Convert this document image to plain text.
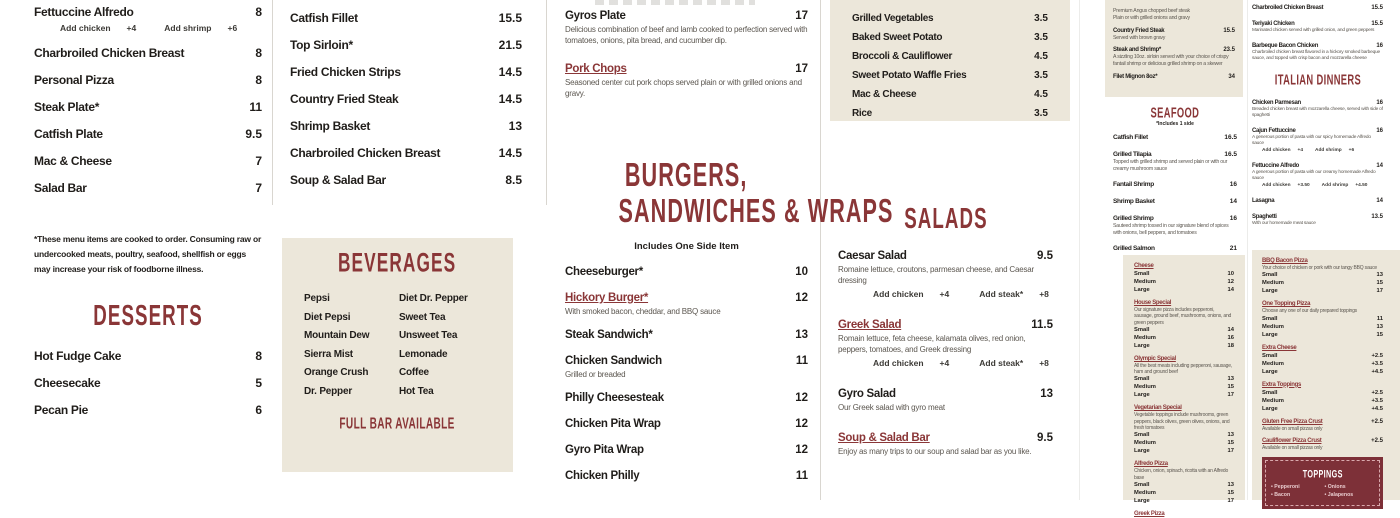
Fettuccine Alfredo	8
Add chicken +4	Add shrimp +6
Charbroiled Chicken Breast	8
Personal Pizza	8
Steak Plate*	11
Catfish Plate	9.5
Mac & Cheese	7
Salad Bar	7
*These menu items are cooked to order. Consuming raw or undercooked meats, poultry, seafood, shellfish or eggs may increase your risk of foodborne illness.
DESSERTS
Hot Fudge Cake	8
Cheesecake	5
Pecan Pie	6
Catfish Fillet	15.5
Top Sirloin*	21.5
Fried Chicken Strips	14.5
Country Fried Steak	14.5
Shrimp Basket	13
Charbroiled Chicken Breast	14.5
Soup & Salad Bar	8.5
BEVERAGES
Pepsi
Diet Pepsi
Mountain Dew
Sierra Mist
Orange Crush
Dr. Pepper
Diet Dr. Pepper
Sweet Tea
Unsweet Tea
Lemonade
Coffee
Hot Tea
FULL BAR AVAILABLE
Gyros Plate	17
Delicious combination of beef and lamb cooked to perfection served with tomatoes, onions, pita bread, and cucumber dip.
Pork Chops	17
Seasoned center cut pork chops served plain or with grilled onions and gravy.
BURGERS,
SANDWICHES & WRAPS
Includes One Side Item
Cheeseburger*	10
Hickory Burger*	12
With smoked bacon, cheddar, and BBQ sauce
Steak Sandwich*	13
Chicken Sandwich	11
Grilled or breaded
Philly Cheesesteak	12
Chicken Pita Wrap	12
Gyro Pita Wrap	12
Chicken Philly	11
Grilled Vegetables	3.5
Baked Sweet Potato	3.5
Broccoli & Cauliflower	4.5
Sweet Potato Waffle Fries	3.5
Mac & Cheese	4.5
Rice	3.5
SALADS
Caesar Salad	9.5
Romaine lettuce, croutons, parmesan cheese, and Caesar dressing
Add chicken +4	Add steak* +8
Greek Salad	11.5
Romain lettuce, feta cheese, kalamata olives, red onion, peppers, tomatoes, and Greek dressing
Add chicken +4	Add steak* +8
Gyro Salad	13
Our Greek salad with gyro meat
Soup & Salad Bar	9.5
Enjoy as many trips to our soup and salad bar as you like.
Premium Angus chopped beef steak
Plain or with grilled onions and gravy
Country Fried Steak	15.5
Served with brown gravy
Steak and Shrimp*	23.5
A sizzling 10oz. sirloin served with your choice of crispy fantail shrimp or delicious grilled shrimp on a skewer
Filet Mignon 8oz*	34
SEAFOOD
*Includes 1 side
Catfish Fillet	16.5
Grilled Tilapia	16.5
Topped with grilled shrimp and served plain or with our creamy mushroom sauce
Fantail Shrimp	16
Shrimp Basket	14
Grilled Shrimp	16
Sauteed shrimp tossed in our signature blend of spices with onions, bell peppers, and tomatoes
Grilled Salmon	21
Cheese
Small	10
Medium	12
Large	14
House Special
Our signature pizza includes pepperoni, sausage, ground beef, mushrooms, onions, and green peppers
Small	14
Medium	16
Large	18
Olympic Special
All the best meats including pepperoni, sausage, ham and ground beef
Small	13
Medium	15
Large	17
Vegetarian Special
Vegetable toppings include mushrooms, green peppers, black olives, green olives, onions, and fresh tomatoes
Small	13
Medium	15
Large	17
Alfredo Pizza
Chicken, onion, spinach, ricotta with an Alfredo base
Small	13
Medium	15
Large	17
Greek Pizza
Charbroiled Chicken Breast	15.5
Teriyaki Chicken	15.5
Marinated chicken served with grilled onion, and green peppers
Barbeque Bacon Chicken	16
Charbroiled chicken breast flavored in a hickory smoked barbeque sauce, and topped with crisp bacon and mozzarella cheese
ITALIAN DINNERS
Chicken Parmesan	16
Breaded chicken breast with mozzarella cheese, served with side of spaghetti
Cajun Fettuccine	16
A generous portion of pasta with our spicy homemade Alfredo sauce
Add chicken +4	Add shrimp +6
Fettuccine Alfredo	14
A generous portion of pasta with our creamy homemade Alfredo sauce
Add chicken +3.50	Add shrimp +4.50
Lasagna	14
Spaghetti	13.5
With our homemade meat sauce
BBQ Bacon Pizza
Your choice of chicken or pork with our tangy BBQ sauce
Small	13
Medium	15
Large	17
One Topping Pizza
Choose any one of our daily prepared toppings
Small	11
Medium	13
Large	15
Extra Cheese
Small	+2.5
Medium	+3.5
Large	+4.5
Extra Toppings
Small	+2.5
Medium	+3.5
Large	+4.5
Gluten Free Pizza Crust	+2.5
Available on small pizzas only
Cauliflower Pizza Crust	+2.5
Available on small pizzas only
TOPPINGS
• Pepperoni
• Bacon
• Onions
• Jalapenos
